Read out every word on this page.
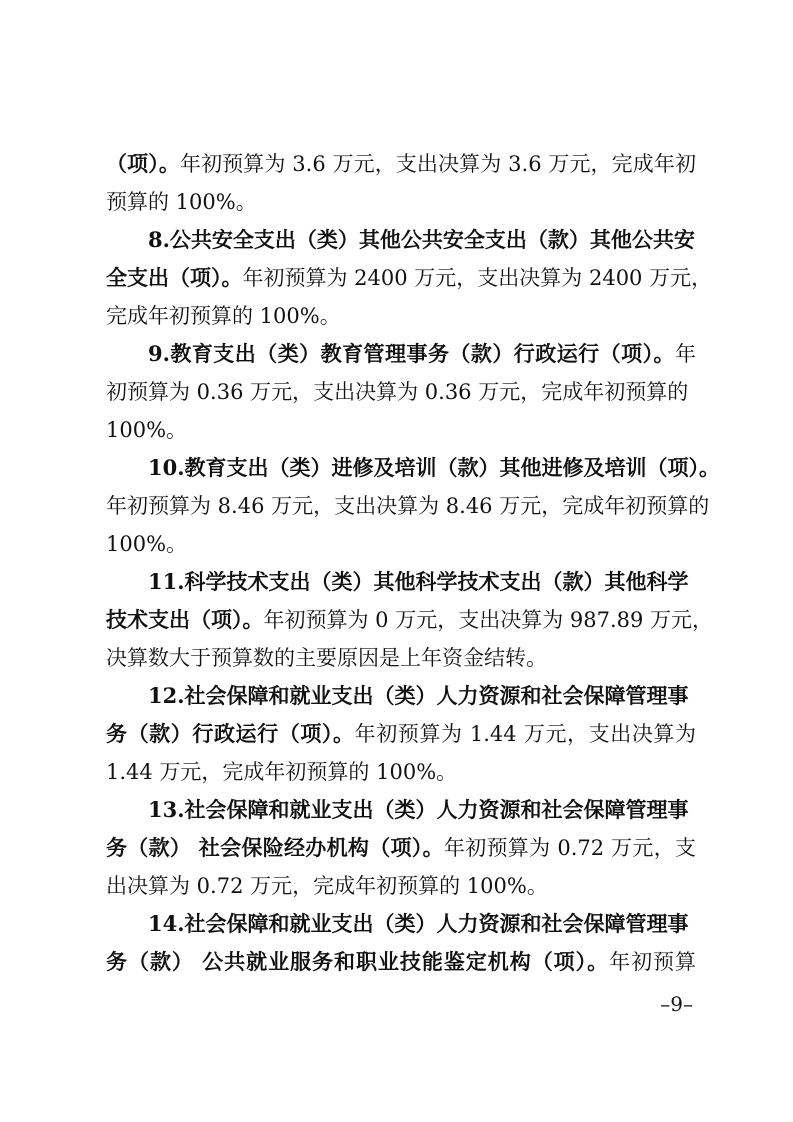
（项）。年初预算为 3.6 万元，支出决算为 3.6 万元，完成年初
预算的 100%。
8.公共安全支出（类）其他公共安全支出（款）其他公共安
全支出（项）。年初预算为 2400 万元，支出决算为 2400 万元，
完成年初预算的 100%。
9.教育支出（类）教育管理事务（款）行政运行（项）。年
初预算为 0.36 万元，支出决算为 0.36 万元，完成年初预算的
100%。
10.教育支出（类）进修及培训（款）其他进修及培训（项）。
年初预算为 8.46 万元，支出决算为 8.46 万元，完成年初预算的
100%。
11.科学技术支出（类）其他科学技术支出（款）其他科学
技术支出（项）。年初预算为 0 万元，支出决算为 987.89 万元，
决算数大于预算数的主要原因是上年资金结转。
12.社会保障和就业支出（类）人力资源和社会保障管理事
务（款）行政运行（项）。年初预算为 1.44 万元，支出决算为
1.44 万元，完成年初预算的 100%。
13.社会保障和就业支出（类）人力资源和社会保障管理事
务（款） 社会保险经办机构（项）。年初预算为 0.72 万元，支
出决算为 0.72 万元，完成年初预算的 100%。
14.社会保障和就业支出（类）人力资源和社会保障管理事
务（款） 公共就业服务和职业技能鉴定机构（项）。年初预算
–9–
